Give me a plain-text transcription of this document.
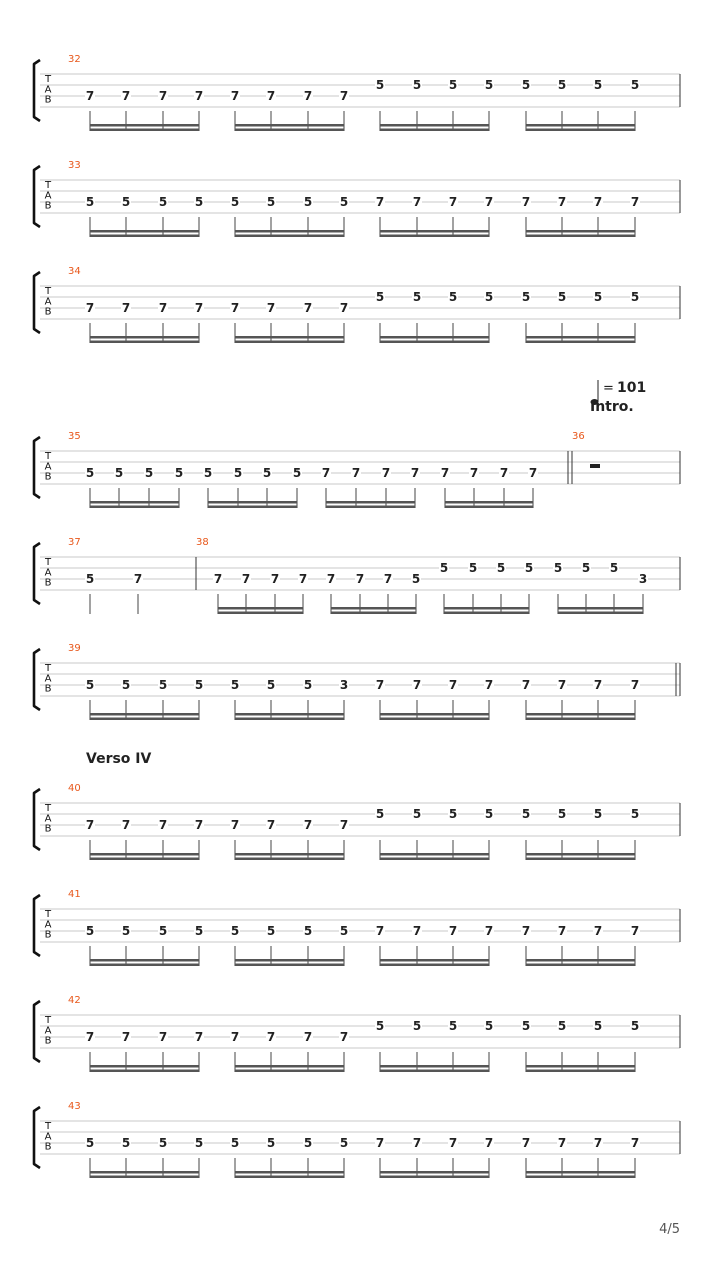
T
A
B
32
7 7 7 7 7 7 7 7
5 5 5 5 5 5 5 5
T
A
B
33
5 5 5 5 5 5 5 5 7 7 7 7 7 7 7 7
T
A
B
34
7 7 7 7 7 7 7 7
5 5 5 5 5 5 5 5
T
A
B
35
5 5 5 5 5 5 5 5 7 7 7 7 7 7 7 7
36
T
A
B
37
5	7
38
7 7 7 7 7 7 7 5
5 5 5 5 5 5 5
3
T
A
B
39
5 5 5 5 5 5 5 3 7 7 7 7 7 7 7 7
T
A
B
40
7 7 7 7 7 7 7 7
5 5 5 5 5 5 5 5
T
A
B
41
5 5 5 5 5 5 5 5 7 7 7 7 7 7 7 7
T
A
B
42
7 7 7 7 7 7 7 7
5 5 5 5 5 5 5 5
T
A
B
43
5 5 5 5 5 5 5 5 7 7 7 7 7 7 7 7
= 101
Intro.
Verso IV
4/5
